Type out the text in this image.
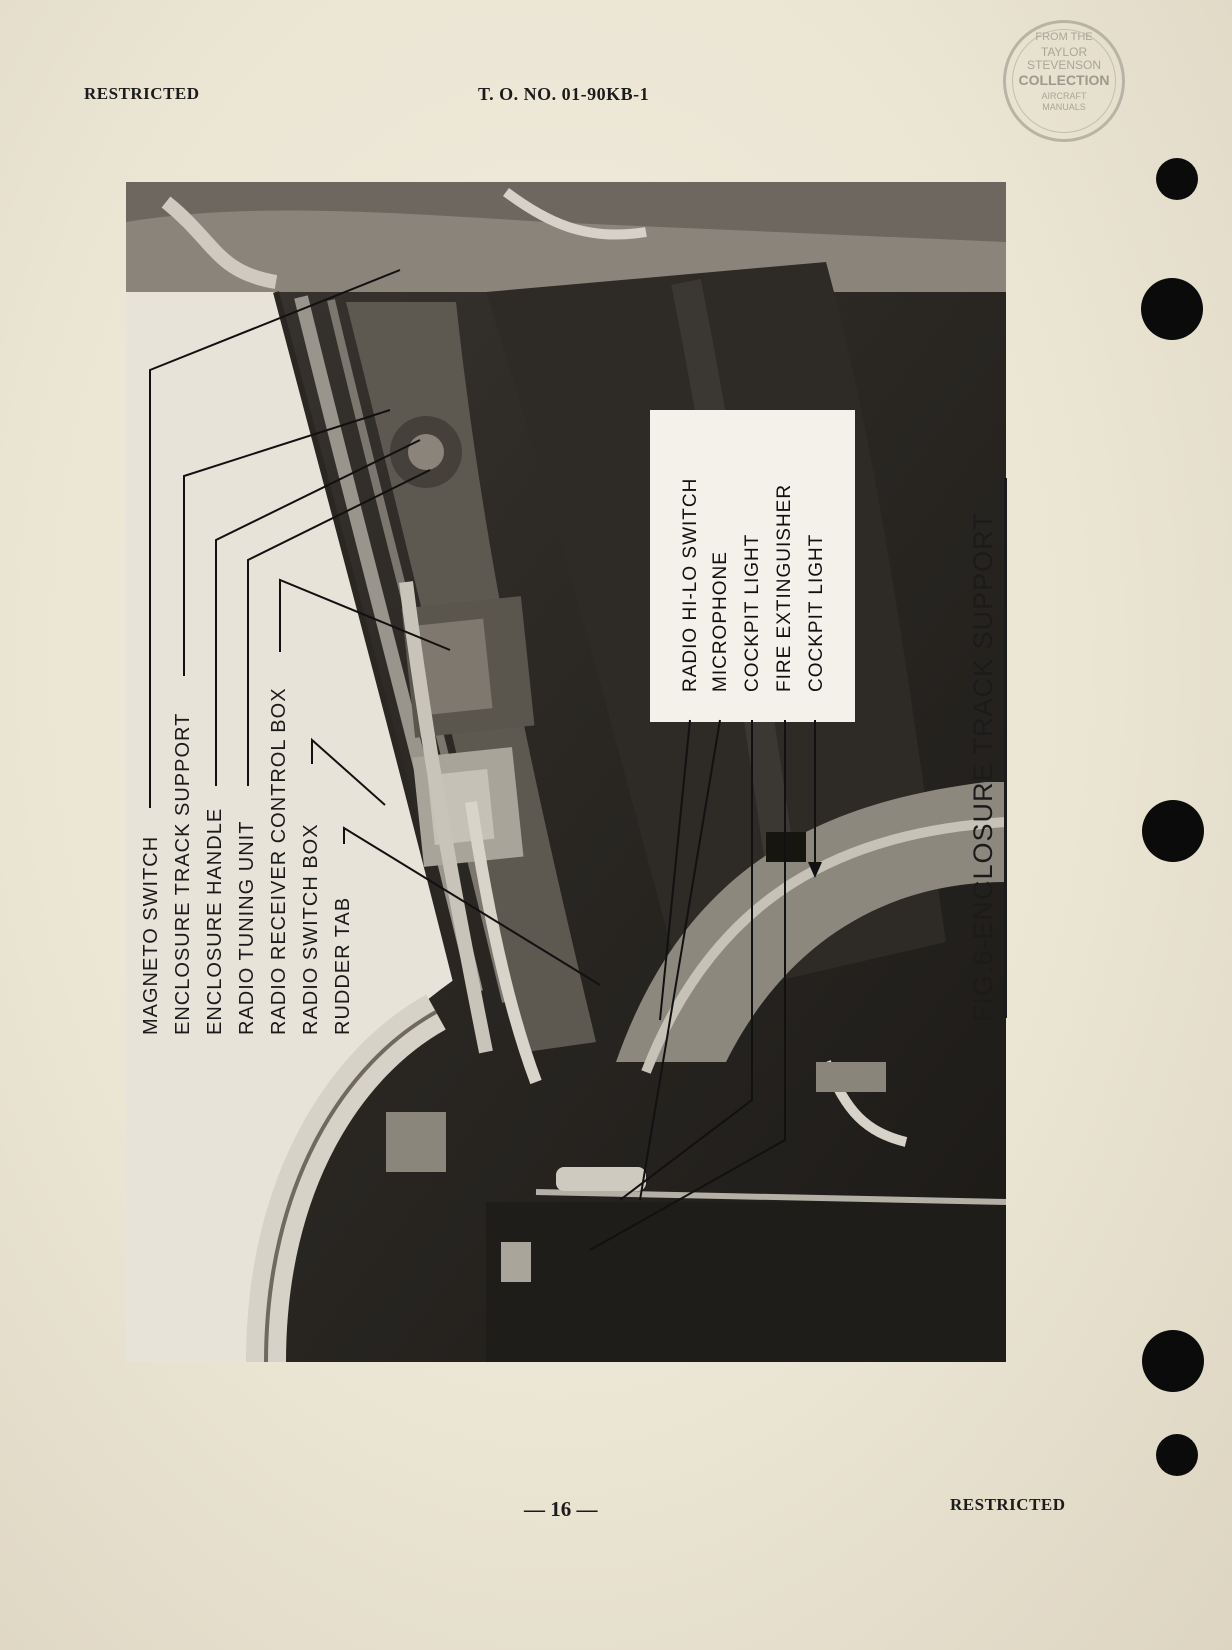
RESTRICTED	T. O. NO. 01-90KB-1
FROM THE
TAYLOR
STEVENSON
COLLECTION
AIRCRAFT
MANUALS
MAGNETO SWITCH ENCLOSURE TRACK SUPPORT ENCLOSURE HANDLE RADIO TUNING UNIT RADIO RECEIVER CONTROL BOX RADIO SWITCH BOX RUDDER TAB
RADIO HI-LO SWITCH MICROPHONE COCKPIT LIGHT FIRE EXTINGUISHER COCKPIT LIGHT	FIG.6-ENCLOSURE TRACK SUPPORT
— 16 —	RESTRICTED
